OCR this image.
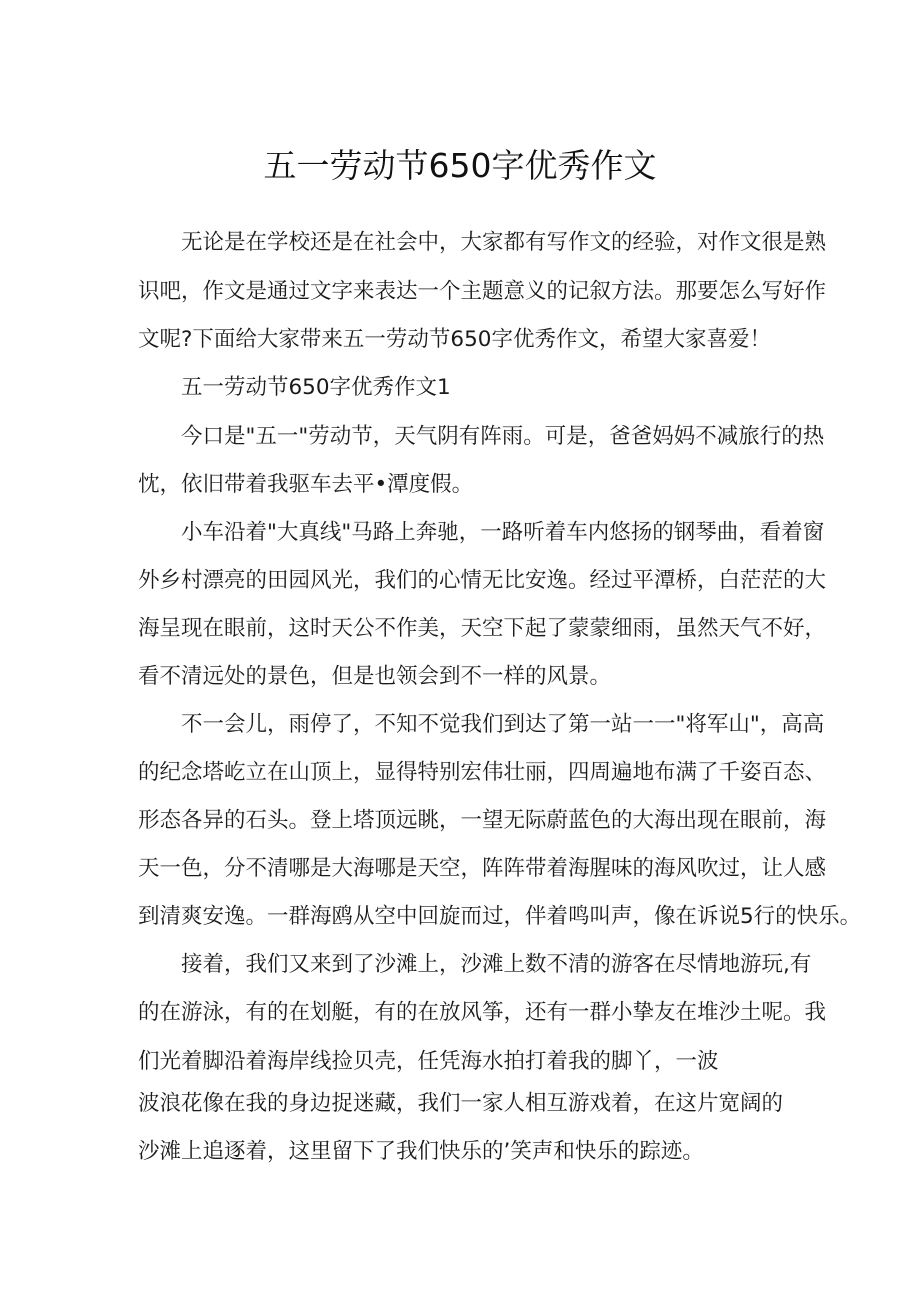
五一劳动节650字优秀作文
无论是在学校还是在社会中，大家都有写作文的经验，对作文很是熟
识吧，作文是通过文字来表达一个主题意义的记叙方法。那要怎么写好作
文呢?下面给大家带来五一劳动节650字优秀作文，希望大家喜爱！
五一劳动节650字优秀作文1
今口是"五一"劳动节，天气阴有阵雨。可是，爸爸妈妈不减旅行的热
忱，依旧带着我驱车去平•潭度假。
小车沿着"大真线"马路上奔驰，一路听着车内悠扬的钢琴曲，看着窗
外乡村漂亮的田园风光，我们的心情无比安逸。经过平潭桥，白茫茫的大
海呈现在眼前，这时天公不作美，天空下起了蒙蒙细雨，虽然天气不好，
看不清远处的景色，但是也领会到不一样的风景。
不一会儿，雨停了，不知不觉我们到达了第一站一一"将军山"，高高
的纪念塔屹立在山顶上，显得特别宏伟壮丽，四周遍地布满了千姿百态、
形态各异的石头。登上塔顶远眺，一望无际蔚蓝色的大海出现在眼前，海
天一色，分不清哪是大海哪是天空，阵阵带着海腥味的海风吹过，让人感
到清爽安逸。一群海鸥从空中回旋而过，伴着鸣叫声，像在诉说5行的快乐。
接着，我们又来到了沙滩上，沙滩上数不清的游客在尽情地游玩,有
的在游泳，有的在划艇，有的在放风筝，还有一群小挚友在堆沙土呢。我
们光着脚沿着海岸线捡贝壳，任凭海水拍打着我的脚丫，一波
波浪花像在我的身边捉迷藏，我们一家人相互游戏着，在这片宽阔的
沙滩上追逐着，这里留下了我们快乐的’笑声和快乐的踪迹。
